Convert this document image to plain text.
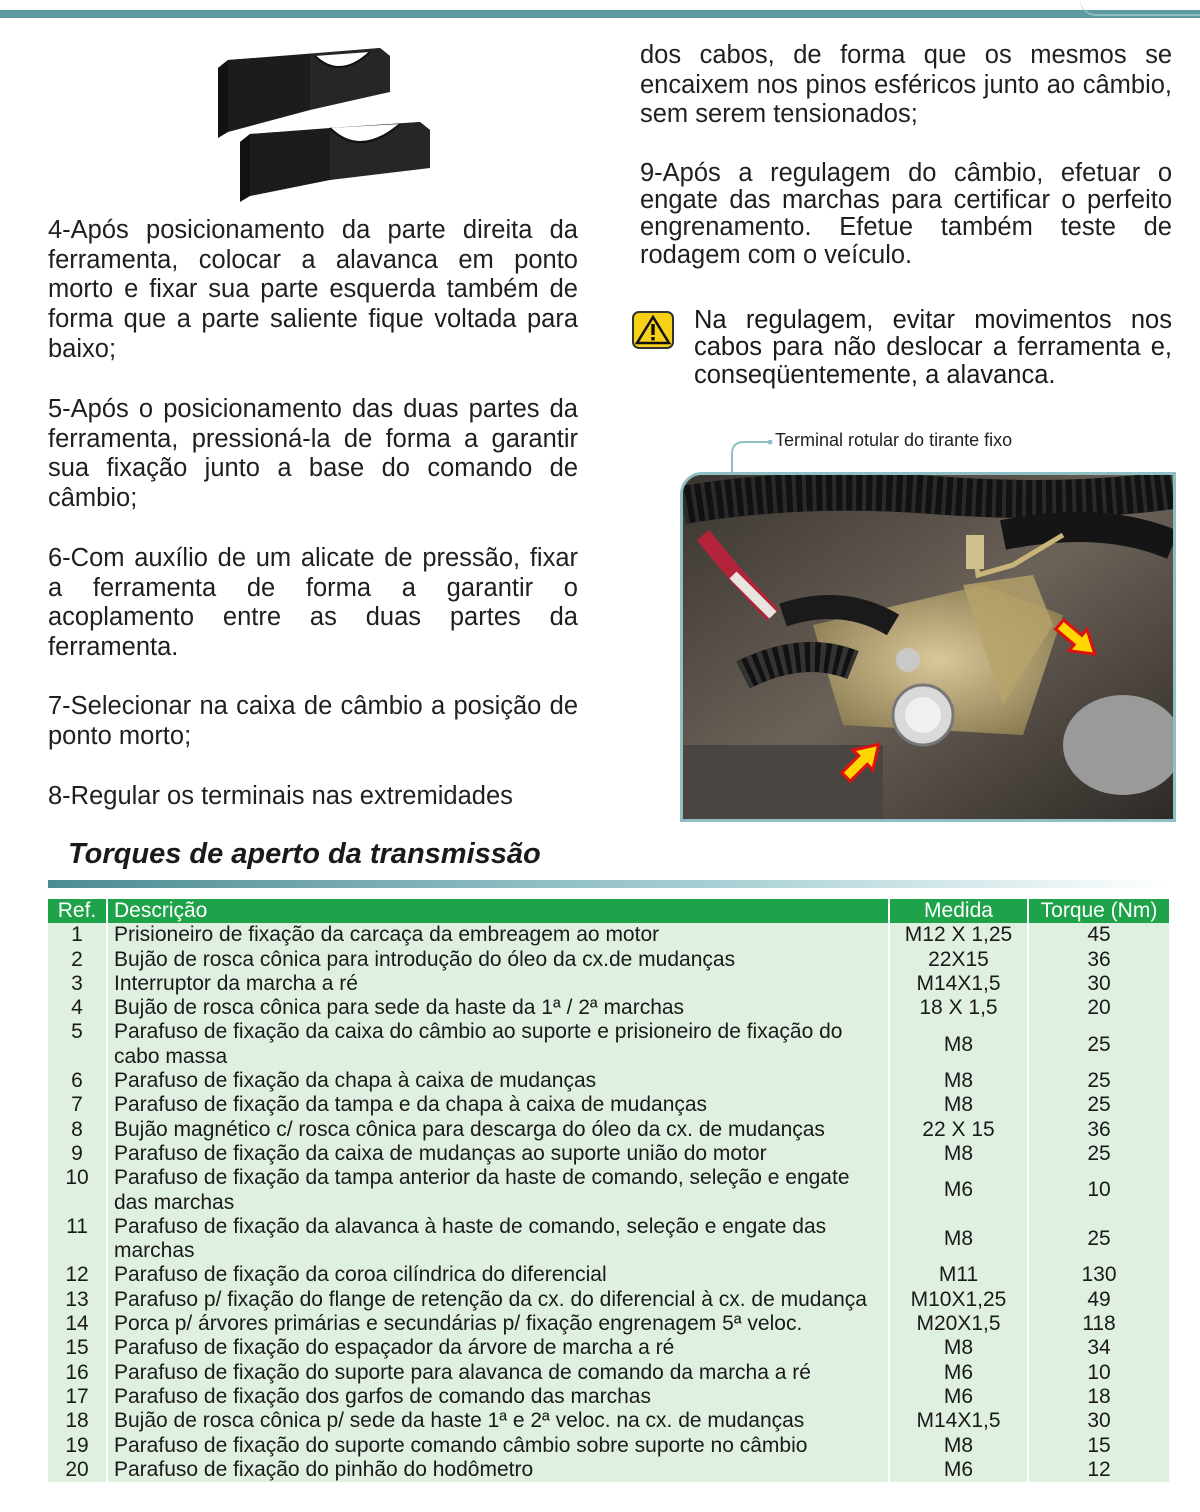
4-Após posicionamento da parte direita da ferramenta, colocar a alavanca em ponto morto e fixar sua parte esquerda também de forma que a parte saliente fique voltada para baixo;

5-Após o posicionamento das duas partes da ferramenta, pressioná-la de forma a garantir sua fixação junto a base do comando de câmbio;

6-Com auxílio de um alicate de pressão, fixar a ferramenta de forma a garantir o acoplamento entre as duas partes da ferramenta.

7-Selecionar na caixa de câmbio a posição de ponto morto;

8-Regular os terminais nas extremidades

dos cabos, de forma que os mesmos se encaixem nos pinos esféricos junto ao câmbio, sem serem tensionados;

9-Após a regulagem do câmbio, efetuar o engate das marchas para certificar o perfeito engrenamento. Efetue também teste de rodagem com o veículo.

Na regulagem, evitar movimentos nos cabos para não deslocar a ferramenta e, conseqüentemente, a alavanca.

Terminal rotular do tirante fixo
Torques de aperto da transmissão
Ref.	Descrição	Medida	Torque (Nm)
1	Prisioneiro de fixação da carcaça da embreagem ao motor	M12 X 1,25	45
2	Bujão de rosca cônica para introdução do óleo da cx.de mudanças	22X15	36
3	Interruptor da marcha a ré	M14X1,5	30
4	Bujão de rosca cônica para sede da haste da 1ª / 2ª marchas	18 X 1,5	20
5	Parafuso de fixação da caixa do câmbio ao suporte e prisioneiro de fixação do cabo massa	M8	25
6	Parafuso de fixação da chapa à caixa de mudanças	M8	25
7	Parafuso de fixação da tampa e da chapa à caixa de mudanças	M8	25
8	Bujão magnético c/ rosca cônica para descarga do óleo da cx. de mudanças	22 X 15	36
9	Parafuso de fixação da caixa de mudanças ao suporte união do motor	M8	25
10	Parafuso de fixação da tampa anterior da haste de comando, seleção e engate das marchas	M6	10
11	Parafuso de fixação da alavanca à haste de comando, seleção e engate das marchas	M8	25
12	Parafuso de fixação da coroa cilíndrica do diferencial	M11	130
13	Parafuso p/ fixação do flange de retenção da cx. do diferencial à cx. de mudança	M10X1,25	49
14	Porca p/ árvores primárias e secundárias p/ fixação engrenagem 5ª veloc.	M20X1,5	118
15	Parafuso de fixação do espaçador da árvore de marcha a ré	M8	34
16	Parafuso de fixação do suporte para alavanca de comando da marcha a ré	M6	10
17	Parafuso de fixação dos garfos de comando das marchas	M6	18
18	Bujão de rosca cônica p/ sede da haste 1ª e 2ª veloc. na cx. de mudanças	M14X1,5	30
19	Parafuso de fixação do suporte comando câmbio sobre suporte no câmbio	M8	15
20	Parafuso de fixação do pinhão do hodômetro	M6	12
